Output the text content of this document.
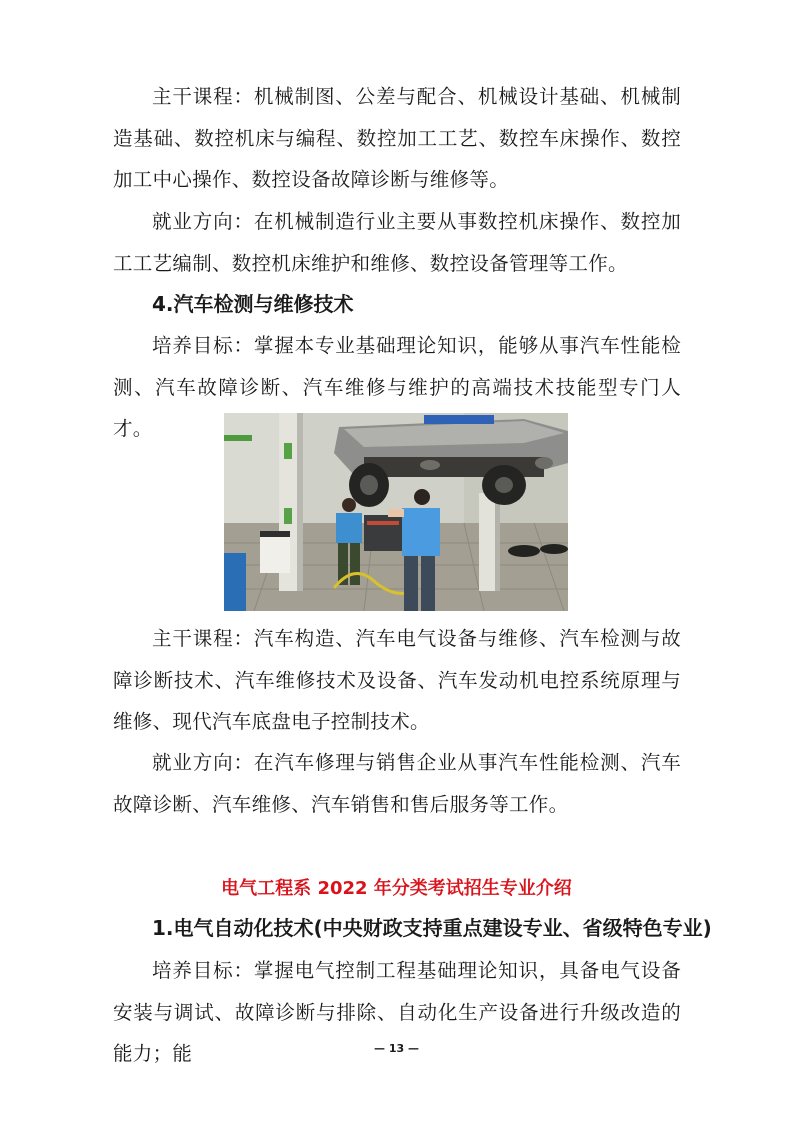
主干课程：机械制图、公差与配合、机械设计基础、机械制造基础、数控机床与编程、数控加工工艺、数控车床操作、数控加工中心操作、数控设备故障诊断与维修等。

就业方向：在机械制造行业主要从事数控机床操作、数控加工工艺编制、数控机床维护和维修、数控设备管理等工作。

4.汽车检测与维修技术

培养目标：掌握本专业基础理论知识，能够从事汽车性能检测、汽车故障诊断、汽车维修与维护的高端技术技能型专门人才。

主干课程：汽车构造、汽车电气设备与维修、汽车检测与故障诊断技术、汽车维修技术及设备、汽车发动机电控系统原理与维修、现代汽车底盘电子控制技术。

就业方向：在汽车修理与销售企业从事汽车性能检测、汽车故障诊断、汽车维修、汽车销售和售后服务等工作。

电气工程系 2022 年分类考试招生专业介绍
1.电气自动化技术(中央财政支持重点建设专业、省级特色专业)

培养目标：掌握电气控制工程基础理论知识，具备电气设备安装与调试、故障诊断与排除、自动化生产设备进行升级改造的能力；能	— 13 —
